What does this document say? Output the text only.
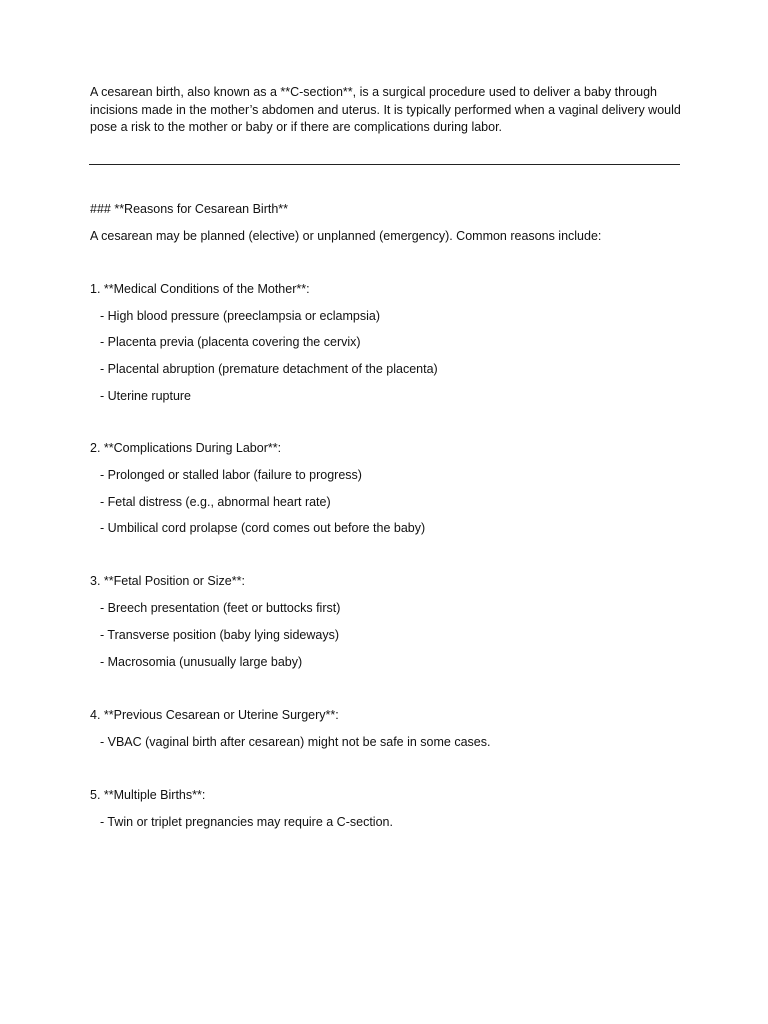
A cesarean birth, also known as a **C-section**, is a surgical procedure used to deliver a baby through incisions made in the mother’s abdomen and uterus. It is typically performed when a vaginal delivery would pose a risk to the mother or baby or if there are complications during labor.

### **Reasons for Cesarean Birth**

A cesarean may be planned (elective) or unplanned (emergency). Common reasons include:

1. **Medical Conditions of the Mother**:

- High blood pressure (preeclampsia or eclampsia)

- Placenta previa (placenta covering the cervix)

- Placental abruption (premature detachment of the placenta)

- Uterine rupture

2. **Complications During Labor**:

- Prolonged or stalled labor (failure to progress)

- Fetal distress (e.g., abnormal heart rate)

- Umbilical cord prolapse (cord comes out before the baby)

3. **Fetal Position or Size**:

- Breech presentation (feet or buttocks first)

- Transverse position (baby lying sideways)

- Macrosomia (unusually large baby)

4. **Previous Cesarean or Uterine Surgery**:

- VBAC (vaginal birth after cesarean) might not be safe in some cases.

5. **Multiple Births**:

- Twin or triplet pregnancies may require a C-section.
